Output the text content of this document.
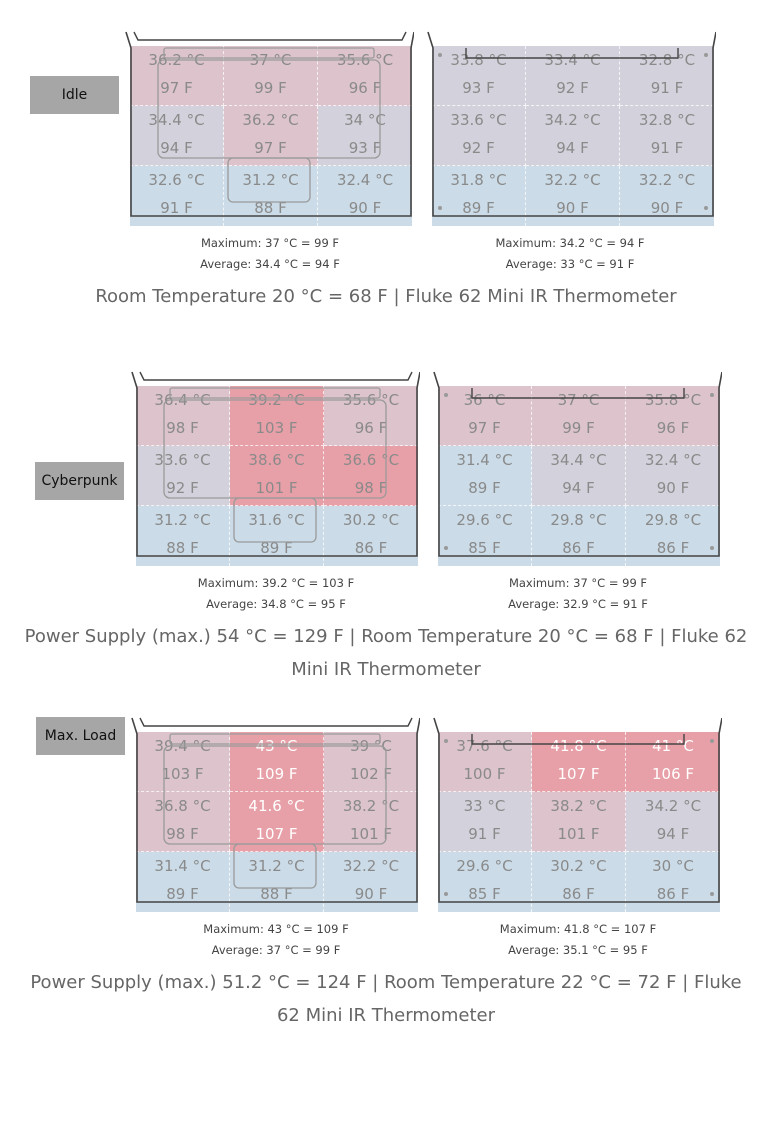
Idle
36.2 °C
97 F
37 °C
99 F
35.6 °C
96 F
34.4 °C
94 F
36.2 °C
97 F
34 °C
93 F
32.6 °C
91 F
31.2 °C
88 F
32.4 °C
90 F
33.8 °C
93 F
33.4 °C
92 F
32.8 °C
91 F
33.6 °C
92 F
34.2 °C
94 F
32.8 °C
91 F
31.8 °C
89 F
32.2 °C
90 F
32.2 °C
90 F
Maximum: 37 °C = 99 F
Average: 34.4 °C = 94 F
Maximum: 34.2 °C = 94 F
Average: 33 °C = 91 F
Room Temperature 20 °C = 68 F | Fluke 62 Mini IR Thermometer
Cyberpunk
36.4 °C
98 F
39.2 °C
103 F
35.6 °C
96 F
33.6 °C
92 F
38.6 °C
101 F
36.6 °C
98 F
31.2 °C
88 F
31.6 °C
89 F
30.2 °C
86 F
36 °C
97 F
37 °C
99 F
35.8 °C
96 F
31.4 °C
89 F
34.4 °C
94 F
32.4 °C
90 F
29.6 °C
85 F
29.8 °C
86 F
29.8 °C
86 F
Maximum: 39.2 °C = 103 F
Average: 34.8 °C = 95 F
Maximum: 37 °C = 99 F
Average: 32.9 °C = 91 F
Power Supply (max.) 54 °C = 129 F | Room Temperature 20 °C = 68 F | Fluke 62 Mini IR Thermometer
Max. Load
39.4 °C
103 F
43 °C
109 F
39 °C
102 F
36.8 °C
98 F
41.6 °C
107 F
38.2 °C
101 F
31.4 °C
89 F
31.2 °C
88 F
32.2 °C
90 F
37.6 °C
100 F
41.8 °C
107 F
41 °C
106 F
33 °C
91 F
38.2 °C
101 F
34.2 °C
94 F
29.6 °C
85 F
30.2 °C
86 F
30 °C
86 F
Maximum: 43 °C = 109 F
Average: 37 °C = 99 F
Maximum: 41.8 °C = 107 F
Average: 35.1 °C = 95 F
Power Supply (max.) 51.2 °C = 124 F | Room Temperature 22 °C = 72 F | Fluke 62 Mini IR Thermometer
